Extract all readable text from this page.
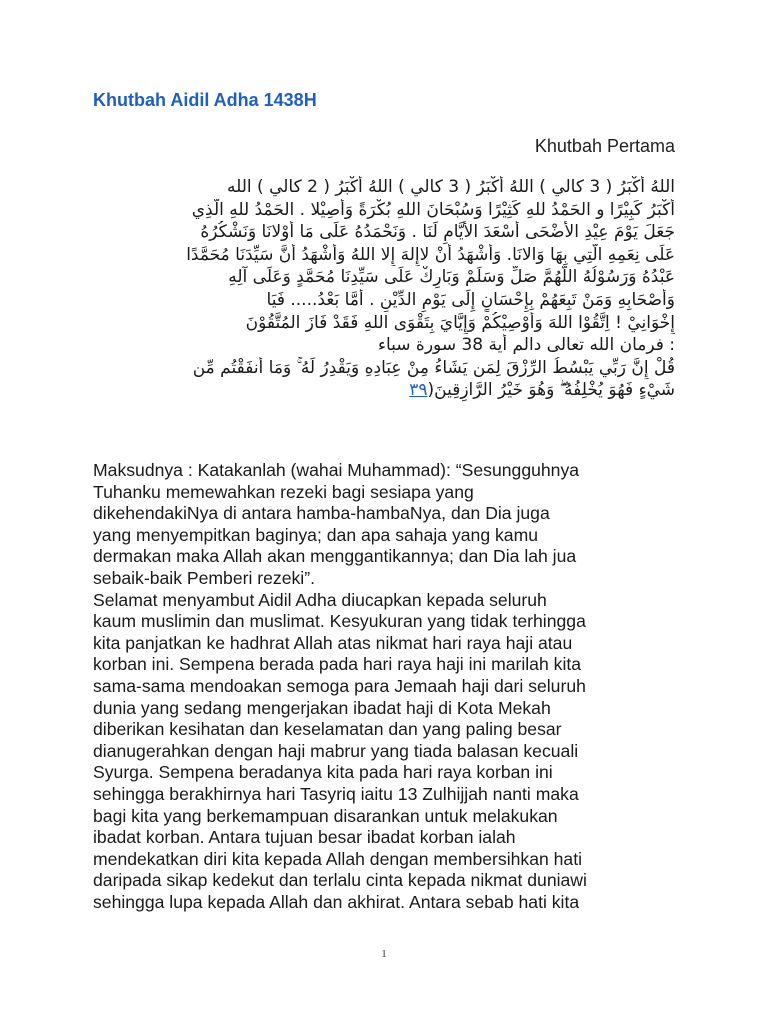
Khutbah Aidil Adha 1438H
Khutbah Pertama
اللهُ أَكْبَرُ ( 3 كالي ) اللهُ أَكْبَرُ ( 3 كالي ) اللهُ أَكْبَرُ ( 2 كالي ) الله
أَكْبَرُ كَبِيْرًا و الحَمْدُ للهِ كَثِيْرًا وَسُبْحَانَ اللهِ بُكْرَةً وَأَصِيْلا . الحَمْدُ للهِ الَّذِي
جَعَلَ يَوْمَ عِيْدِ الأضْحَى أَسْعَدَ الأَيَّامِ لَنَا . وَنَحْمَدُهُ عَلَى مَا أَوْلانَا وَنَشْكُرُهُ
عَلَى نِعَمِهِ الَّتِي بِهَا وَالانَا. وَأَشْهَدُ أَنْ لاإِلهَ إِلا اللهُ وَأَشْهَدُ أَنَّ سَيِّدَنَا مُحَمَّدًا
عَبْدُهُ وَرَسُوْلُهُ اللَّهُمَّ صَلِّ وَسَلِّمْ وَبَارِكْ عَلَى سَيِّدِنَا مُحَمَّدٍ وَعَلَى آلِهِ
وَأَصْحَابِهِ وَمَنْ تَبِعَهُمْ بِإِحْسَانٍ إِلَى يَوْمِ الدِّيْنِ . أَمَّا بَعْدُ..... فَيَا
إِخْوَانِيْ ! اِتَّقُوْا اللهَ وَأُوْصِيْكُمْ وَإِيَّايَ بِتَقْوَى اللهِ فَقَدْ فَازَ المُتَّقُوْنَ
: فرمان الله تعالى دالم أية 38 سورة سباء
قُلْ إِنَّ رَبِّي يَبْسُطُ الرِّزْقَ لِمَن يَشَاءُ مِنْ عِبَادِهِ وَيَقْدِرُ لَهُ ۚ وَمَا أَنفَقْتُم مِّن
شَيْءٍ فَهُوَ يُخْلِفُهُ ۖ وَهُوَ خَيْرُ الرَّازِقِينَ(٣٩
Maksudnya : Katakanlah (wahai Muhammad): “Sesungguhnya
Tuhanku memewahkan rezeki bagi sesiapa yang
dikehendakiNya di antara hamba-hambaNya, dan Dia juga
yang menyempitkan baginya; dan apa sahaja yang kamu
dermakan maka Allah akan menggantikannya; dan Dia lah jua
sebaik-baik Pemberi rezeki”.
Selamat menyambut Aidil Adha diucapkan kepada seluruh
kaum muslimin dan muslimat. Kesyukuran yang tidak terhingga
kita panjatkan ke hadhrat Allah atas nikmat hari raya haji atau
korban ini. Sempena berada pada hari raya haji ini marilah kita
sama-sama mendoakan semoga para Jemaah haji dari seluruh
dunia yang sedang mengerjakan ibadat haji di Kota Mekah
diberikan kesihatan dan keselamatan dan yang paling besar
dianugerahkan dengan haji mabrur yang tiada balasan kecuali
Syurga. Sempena beradanya kita pada hari raya korban ini
sehingga berakhirnya hari Tasyriq iaitu 13 Zulhijjah nanti maka
bagi kita yang berkemampuan disarankan untuk melakukan
ibadat korban. Antara tujuan besar ibadat korban ialah
mendekatkan diri kita kepada Allah dengan membersihkan hati
daripada sikap kedekut dan terlalu cinta kepada nikmat duniawi
sehingga lupa kepada Allah dan akhirat. Antara sebab hati kita
1
